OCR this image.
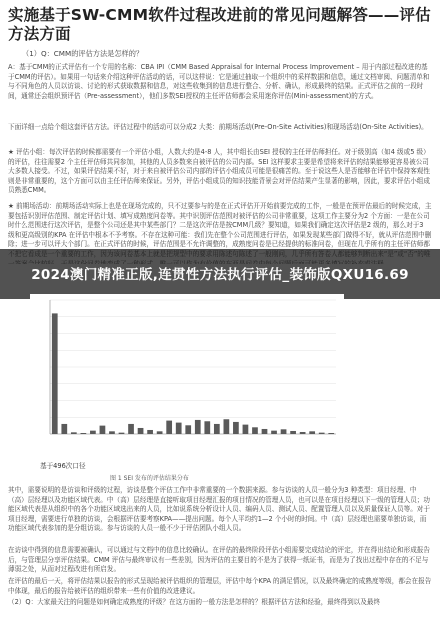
实施基于SW-CMM软件过程改进前的常见问题解答——评估方法方面
（1）Q：CMM的评估方法是怎样的？

A：基于CMM的正式评估有一个专用的名称：CBA IPI（CMM Based Appraisal for Internal Process Improvement – 用于内部过程改进的基于CMM的评估）。如果用一句话来介绍这种评估活动的话，可以这样说：它是通过抽取一个组织中的采样数据和信息，通过文档审阅、问题清单和与不同角色的人员以访谈、讨论的形式获取数据和信息，对这些收集到的信息进行整合、分析、确认，形成最终的结果。正式评估之前的一段时间，通常还会组织预评估（Pre-assessment），他们多数SEI授权的主任评估师都会采用迷你评估(Mini-assessment)的方式。

下面详细一点给个组这套评估方法。评估过程中的活动可以分成2 大类：前期场活动(Pre-On-Site Activities)和现场活动(On-Site Activities)。

★ 评估小组：每次评估的时候都需要有一个评估小组，人数大约是4-8 人，其中组长由SEI 授权的主任评估师担任。对于级别高（如4 级或5 级）的评估，往往需要2 个主任评估师共同参加，其他的人员多数来自被评估的公司内部。SEI 这样要求主要是希望将来评估的结果能够更容易被公司大多数人接受。不过，如果评估结果不好，对于来自被评估公司内部的评估小组成员可能是很痛苦的。至于说这些人是否能够在评估中保持客观性则是非常重要的，这个方面可以由主任评估师来保证。另外，评估小组成员的知识技能背景会对评估结果产生显著的影响，因此，要求评估小组成员熟悉CMM。

★ 前期场活动：前期场活动实际上也是在现场完成的，只不过要参与的是在正式评估开开始前要完成的工作，一般是在预评估最后的时候完成，主要包括识别评估范围、制定评估计划、填写成熟度问卷等。其中识别评估范围对被评估的公司非常重要，这项工作主要分为2 个方面：一是在公司时什么范围进行这次评估，是整个公司还是其中某些部门？二是这次评估是按CMM几级？要知道，如果我们确定这次评估是2 级的，那么对于3 级和更高级别的KPA 在评估中根本不予考察。不存在这种可能：我们先在整个公司范围进行评估，如果发现某些部门做得不好，就从评估范围中删除；进一步可以评大个部门。在正式评估的时候，评估范围是不允许调整的，成熟度问卷是已经提供的标准问卷，但现在几乎所有的主任评估师都

2024澳门精准正版,连贯性方法执行评估_装饰版QXU16.69
基于496次口径
图 1 SEI 发布的评估结果分布

其中，需要说明的是访谈和评级的过程，访谈是整个评估工作中非常重要的一个数据来源。参与访谈的人员一般分为3 种类型：项目经理、中（高）层经理以及功能区域代表。中（高）层经理是直接听取项目经理汇报的项目情况的管理人员，也可以是在项目经理以下一级的管理人员；功能区域代表是从组织中的各个功能区域选出来的人员，比如说系统分析设计人员、编码人员、测试人员、配置管理人员以及质量保证人员等。对于项目经理，需要进行单独的访谈，会根据评估要考察KPA——提出问题。每个人平均约1—2 个小时的时间。中（高）层经理也需要单独访谈，而功能区域代表参加的是分组访谈。参与访谈的人员一般不少于评估团队小组人员。

在访谈中得到的信息需要被确认，可以通过与文档中的信息比较确认。在评估的最终阶段评估小组需要完成结论的评定，并在得出结论和形成报告后，与管理层分享评估结果。CMM 评估与最终审议有一些差别，因为评估的主要目的不是为了获得一纸证书，而是为了找出过程中存在的不足与薄弱之处，从而对过程改进有所启发。

在评估的最后一天，将评估结果以报告的形式呈现给被评估组织的管理层，评估中每个KPA 的满足情况，以及最终确定的成熟度等级，都会在报告中体现，最后的报告给被评估的组织带来一些有价值的改进建议。

（2）Q：大家最关注的问题是如何确定成熟度的评级？在这方面的一般方法是怎样的？根据评估方法和经验，最终得到以及最终
